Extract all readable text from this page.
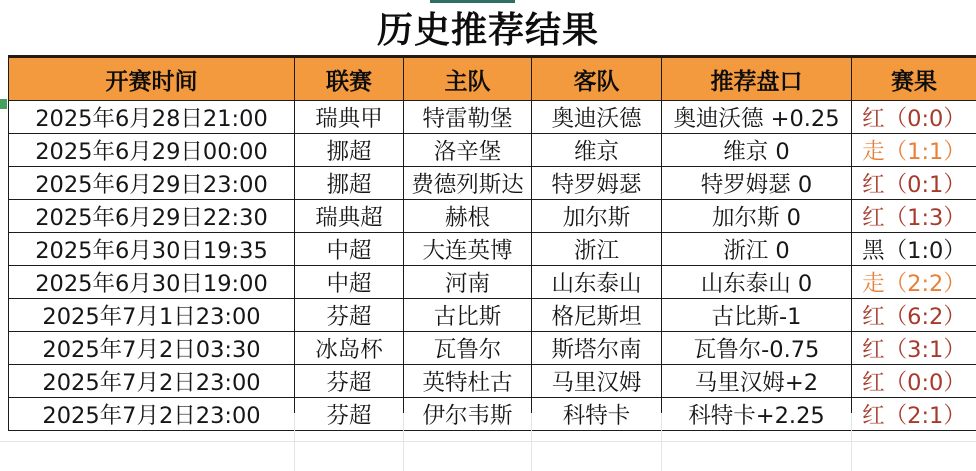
历史推荐结果
开赛时间	联赛	主队	客队	推荐盘口	赛果
2025年6月28日21:00	瑞典甲	特雷勒堡	奥迪沃德	奥迪沃德 +0.25	红（0:0）
2025年6月29日00:00	挪超	洛辛堡	维京	维京 0	走（1:1）
2025年6月29日23:00	挪超	费德列斯达	特罗姆瑟	特罗姆瑟 0	红（0:1）
2025年6月29日22:30	瑞典超	赫根	加尔斯	加尔斯 0	红（1:3）
2025年6月30日19:35	中超	大连英博	浙江	浙江 0	黑（1:0）
2025年6月30日19:00	中超	河南	山东泰山	山东泰山 0	走（2:2）
2025年7月1日23:00	芬超	古比斯	格尼斯坦	古比斯-1	红（6:2）
2025年7月2日03:30	冰岛杯	瓦鲁尔	斯塔尔南	瓦鲁尔-0.75	红（3:1）
2025年7月2日23:00	芬超	英特杜古	马里汉姆	马里汉姆+2	红（0:0）
2025年7月2日23:00	芬超	伊尔韦斯	科特卡	科特卡+2.25	红（2:1）
